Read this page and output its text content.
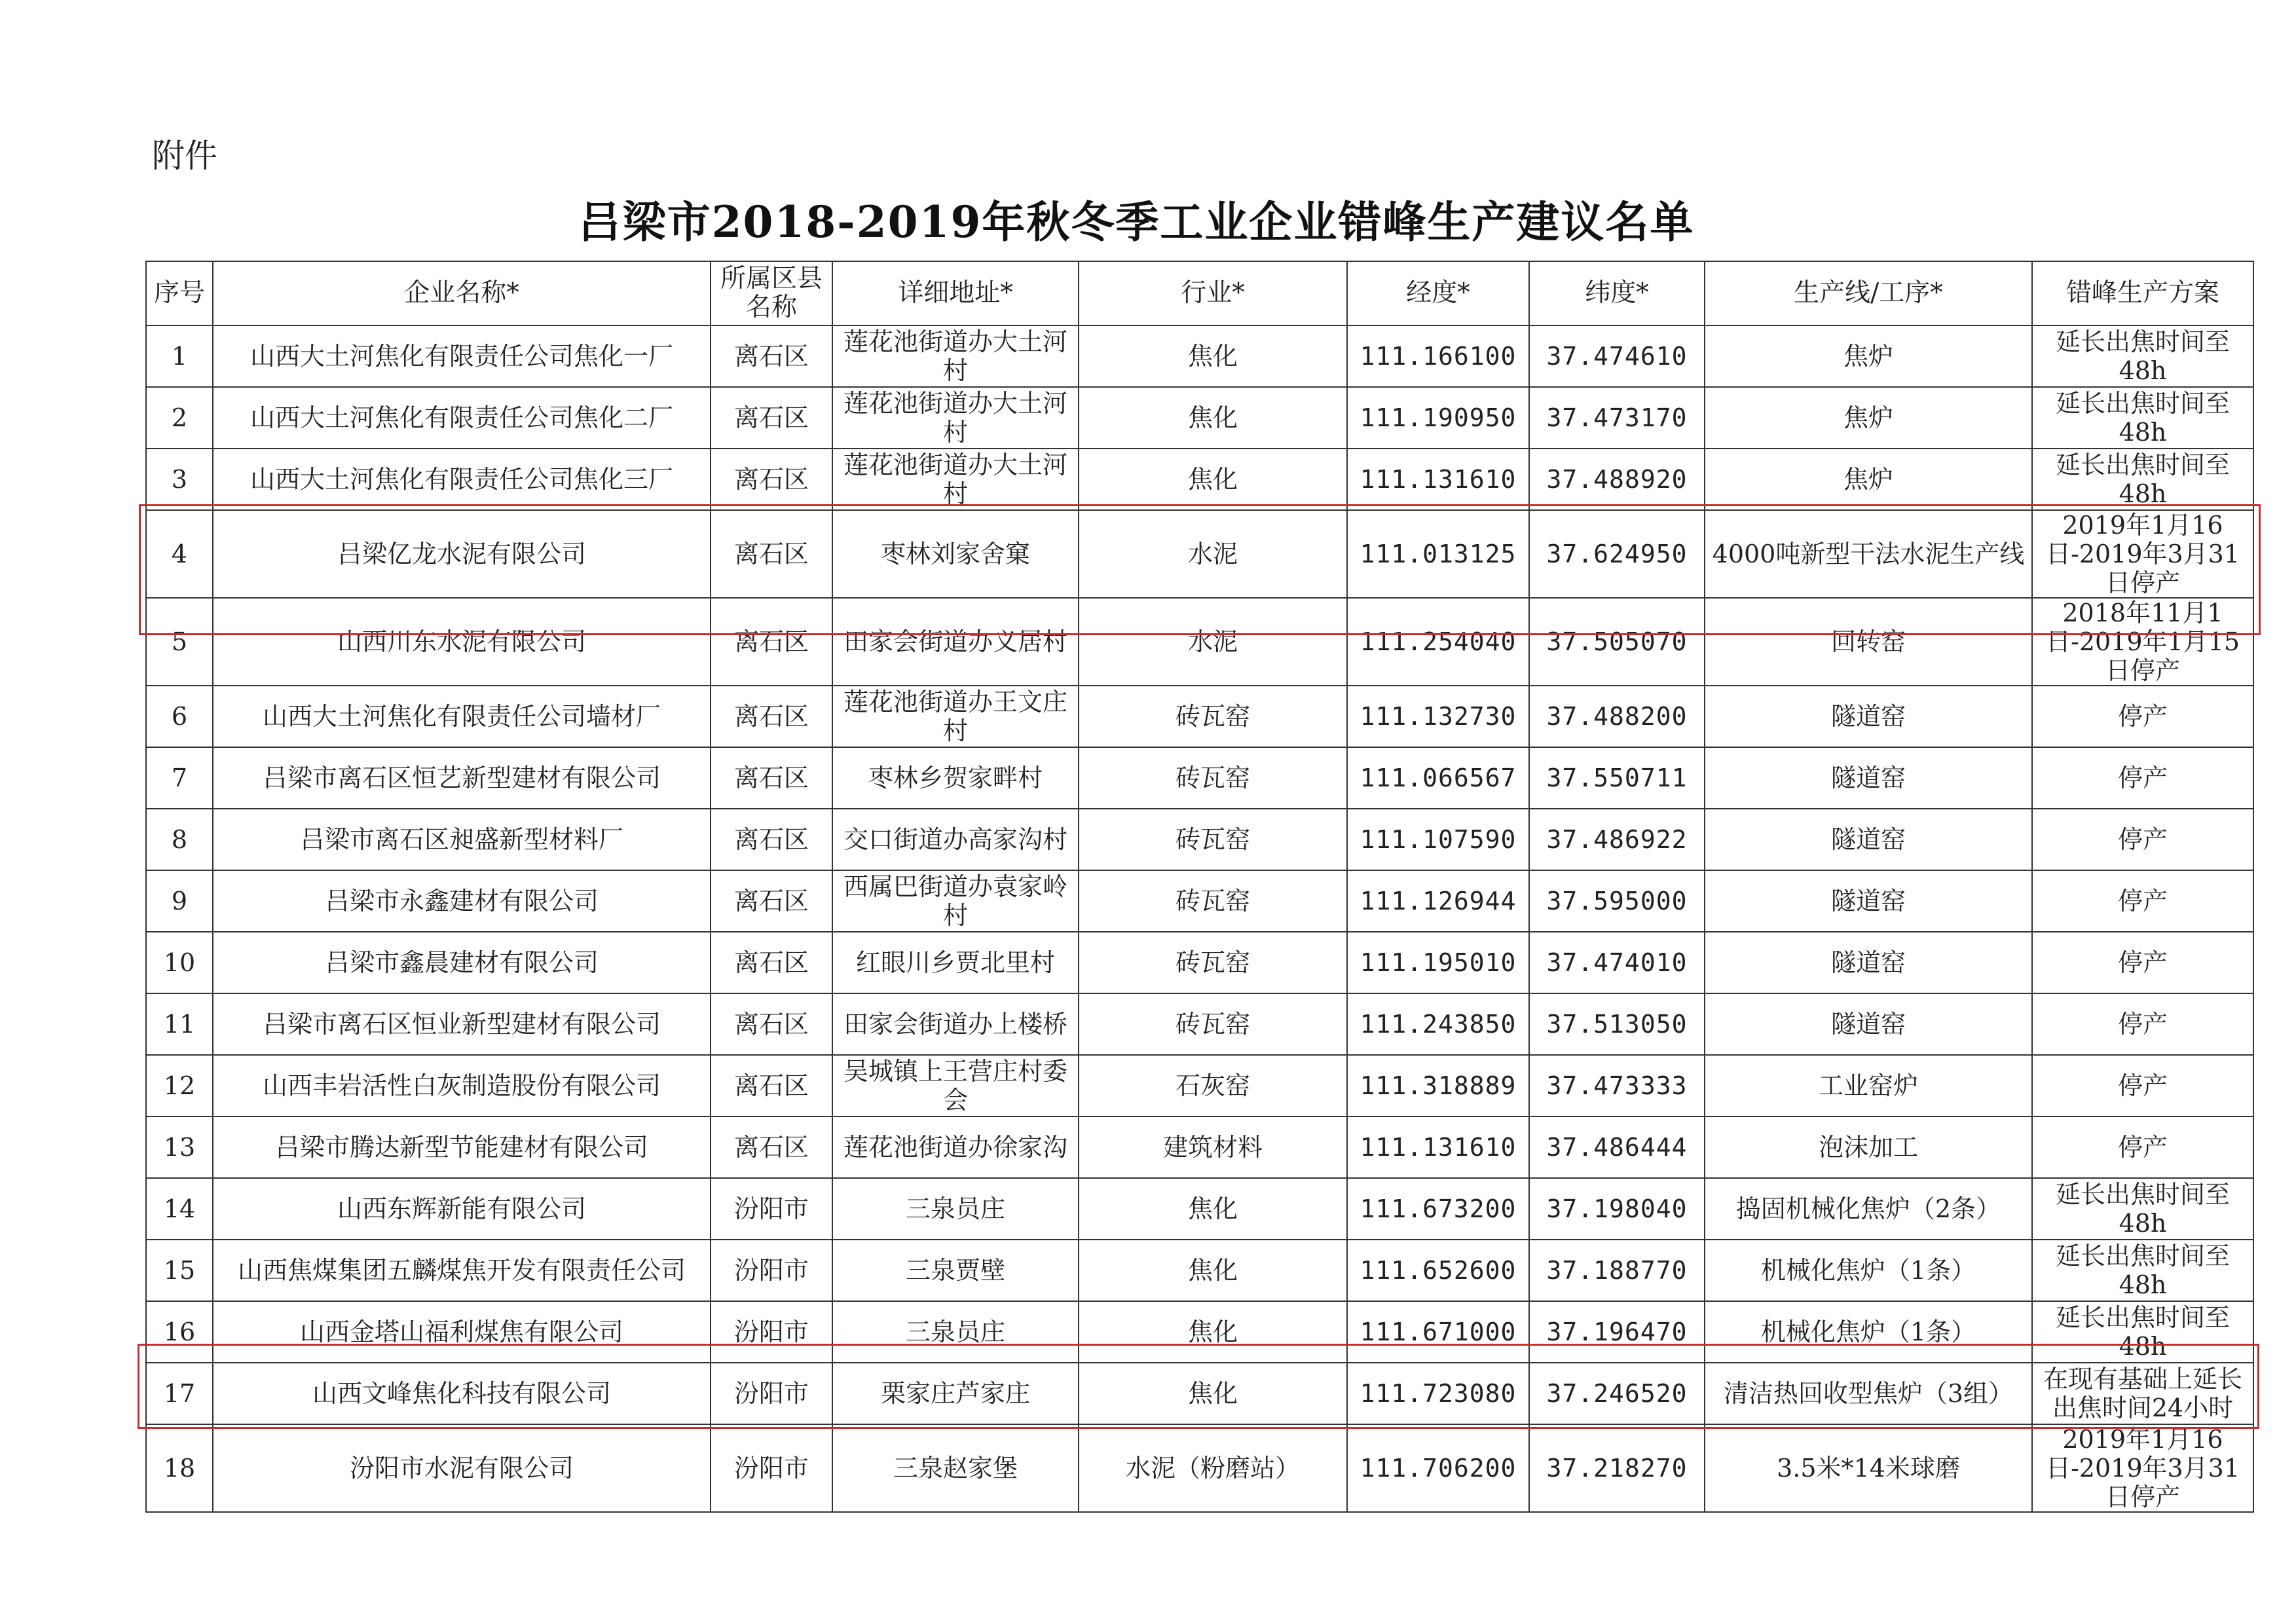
附件
吕梁市2018-2019年秋冬季工业企业错峰生产建议名单
序号	企业名称*	所属区县名称	详细地址*	行业*	经度*	纬度*	生产线/工序*	错峰生产方案
1	山西大土河焦化有限责任公司焦化一厂	离石区	莲花池街道办大土河村	焦化	111.166100	37.474610	焦炉	延长出焦时间至48h
2	山西大土河焦化有限责任公司焦化二厂	离石区	莲花池街道办大土河村	焦化	111.190950	37.473170	焦炉	延长出焦时间至48h
3	山西大土河焦化有限责任公司焦化三厂	离石区	莲花池街道办大土河村	焦化	111.131610	37.488920	焦炉	延长出焦时间至48h
4	吕梁亿龙水泥有限公司	离石区	枣林刘家舍窠	水泥	111.013125	37.624950	4000吨新型干法水泥生产线	2019年1月16日-2019年3月31日停产
5	山西川东水泥有限公司	离石区	田家会街道办义居村	水泥	111.254040	37.505070	回转窑	2018年11月1日-2019年1月15日停产
6	山西大土河焦化有限责任公司墙材厂	离石区	莲花池街道办王文庄村	砖瓦窑	111.132730	37.488200	隧道窑	停产
7	吕梁市离石区恒艺新型建材有限公司	离石区	枣林乡贺家畔村	砖瓦窑	111.066567	37.550711	隧道窑	停产
8	吕梁市离石区昶盛新型材料厂	离石区	交口街道办高家沟村	砖瓦窑	111.107590	37.486922	隧道窑	停产
9	吕梁市永鑫建材有限公司	离石区	西属巴街道办袁家岭村	砖瓦窑	111.126944	37.595000	隧道窑	停产
10	吕梁市鑫晨建材有限公司	离石区	红眼川乡贾北里村	砖瓦窑	111.195010	37.474010	隧道窑	停产
11	吕梁市离石区恒业新型建材有限公司	离石区	田家会街道办上楼桥	砖瓦窑	111.243850	37.513050	隧道窑	停产
12	山西丰岩活性白灰制造股份有限公司	离石区	吴城镇上王营庄村委会	石灰窑	111.318889	37.473333	工业窑炉	停产
13	吕梁市腾达新型节能建材有限公司	离石区	莲花池街道办徐家沟	建筑材料	111.131610	37.486444	泡沫加工	停产
14	山西东辉新能有限公司	汾阳市	三泉员庄	焦化	111.673200	37.198040	捣固机械化焦炉（2条）	延长出焦时间至48h
15	山西焦煤集团五麟煤焦开发有限责任公司	汾阳市	三泉贾壁	焦化	111.652600	37.188770	机械化焦炉（1条）	延长出焦时间至48h
16	山西金塔山福利煤焦有限公司	汾阳市	三泉员庄	焦化	111.671000	37.196470	机械化焦炉（1条）	延长出焦时间至48h
17	山西文峰焦化科技有限公司	汾阳市	栗家庄芦家庄	焦化	111.723080	37.246520	清洁热回收型焦炉（3组）	在现有基础上延长出焦时间24小时
18	汾阳市水泥有限公司	汾阳市	三泉赵家堡	水泥（粉磨站）	111.706200	37.218270	3.5米*14米球磨	2019年1月16日-2019年3月31日停产
